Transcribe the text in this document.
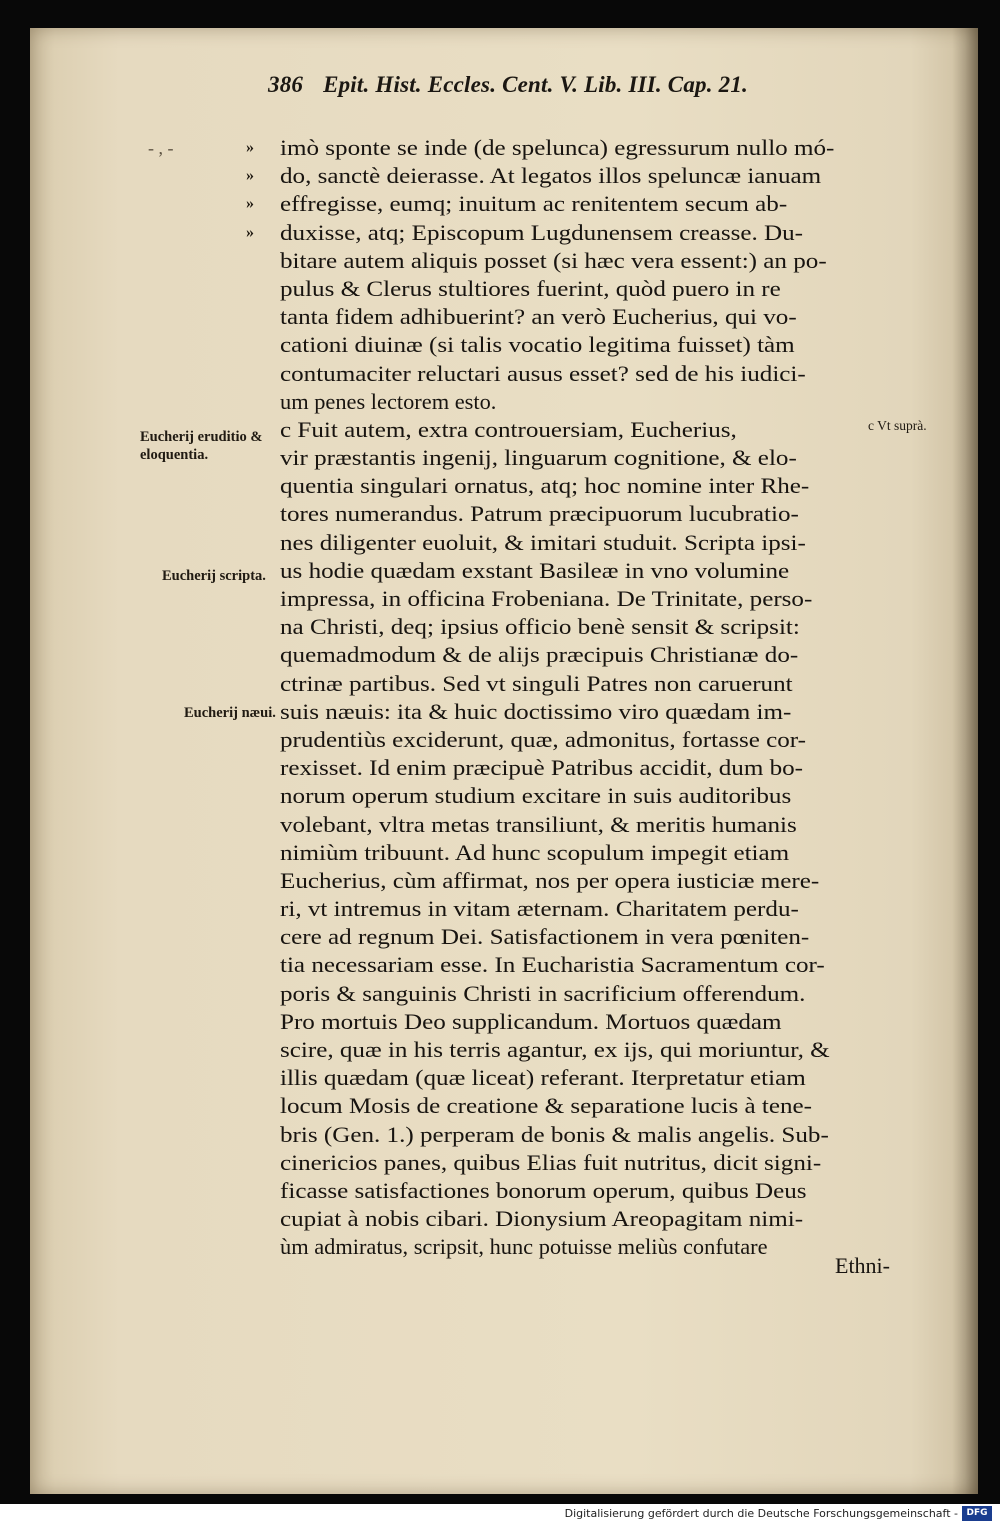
386 Epit. Hist. Eccles. Cent. V. Lib. III. Cap. 21.
- , -	»
»
»
»
imò sponte se inde (de spelunca) egressurum nullo mó-
do, sanctè deierasse. At legatos illos speluncæ ianuam
effregisse, eumq; inuitum ac renitentem secum ab-
duxisse, atq; Episcopum Lugdunensem creasse. Du-
bitare autem aliquis posset (si hæc vera essent:) an po-
pulus & Clerus stultiores fuerint, quòd puero in re
tanta fidem adhibuerint? an verò Eucherius, qui vo-
cationi diuinæ (si talis vocatio legitima fuisset) tàm
contumaciter reluctari ausus esset? sed de his iudici-
um penes lectorem esto.
c Fuit autem, extra controuersiam, Eucherius,
vir præstantis ingenij, linguarum cognitione, & elo-
quentia singulari ornatus, atq; hoc nomine inter Rhe-
tores numerandus. Patrum præcipuorum lucubratio-
nes diligenter euoluit, & imitari studuit. Scripta ipsi-
us hodie quædam exstant Basileæ in vno volumine
impressa, in officina Frobeniana. De Trinitate, perso-
na Christi, deq; ipsius officio benè sensit & scripsit:
quemadmodum & de alijs præcipuis Christianæ do-
ctrinæ partibus. Sed vt singuli Patres non caruerunt
suis næuis: ita & huic doctissimo viro quædam im-
prudentiùs exciderunt, quæ, admonitus, fortasse cor-
rexisset. Id enim præcipuè Patribus accidit, dum bo-
norum operum studium excitare in suis auditoribus
volebant, vltra metas transiliunt, & meritis humanis
nimiùm tribuunt. Ad hunc scopulum impegit etiam
Eucherius, cùm affirmat, nos per opera iusticiæ mere-
ri, vt intremus in vitam æternam. Charitatem perdu-
cere ad regnum Dei. Satisfactionem in vera pœniten-
tia necessariam esse. In Eucharistia Sacramentum cor-
poris & sanguinis Christi in sacrificium offerendum.
Pro mortuis Deo supplicandum. Mortuos quædam
scire, quæ in his terris agantur, ex ijs, qui moriuntur, &
illis quædam (quæ liceat) referant. Iterpretatur etiam
locum Mosis de creatione & separatione lucis à tene-
bris (Gen. 1.) perperam de bonis & malis angelis. Sub-
cinericios panes, quibus Elias fuit nutritus, dicit signi-
ficasse satisfactiones bonorum operum, quibus Deus
cupiat à nobis cibari. Dionysium Areopagitam nimi-
ùm admiratus, scripsit, hunc potuisse meliùs confutare
Eucherij eruditio &
eloquentia.
Eucherij scripta.
Eucherij næui.
c Vt suprà.
Ethni-
Digitalisierung gefördert durch die Deutsche Forschungsgemeinschaft - DFG
